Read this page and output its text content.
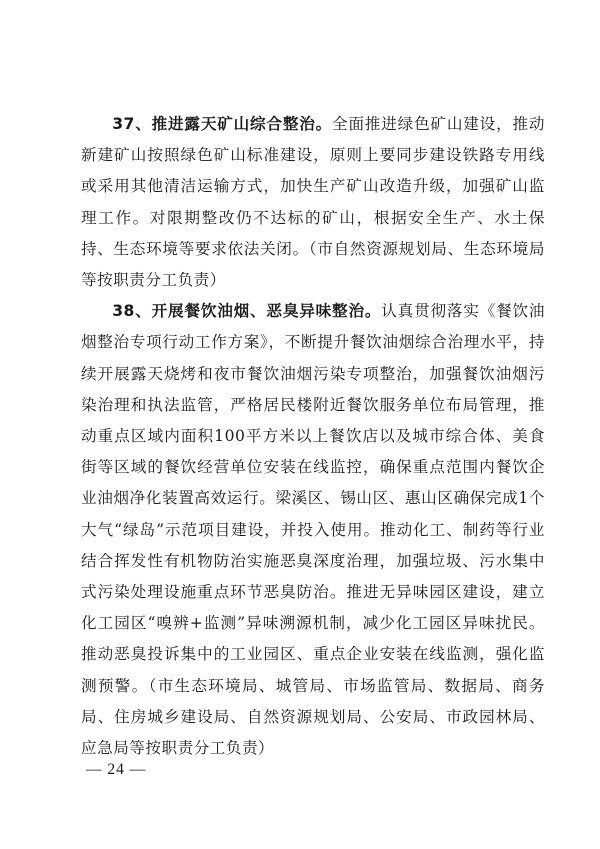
37、推进露天矿山综合整治。全面推进绿色矿山建设，推动新建矿山按照绿色矿山标准建设，原则上要同步建设铁路专用线或采用其他清洁运输方式，加快生产矿山改造升级，加强矿山监理工作。对限期整改仍不达标的矿山，根据安全生产、水土保持、生态环境等要求依法关闭。（市自然资源规划局、生态环境局等按职责分工负责）

38、开展餐饮油烟、恶臭异味整治。认真贯彻落实《餐饮油烟整治专项行动工作方案》，不断提升餐饮油烟综合治理水平，持续开展露天烧烤和夜市餐饮油烟污染专项整治，加强餐饮油烟污染治理和执法监管，严格居民楼附近餐饮服务单位布局管理，推动重点区域内面积100平方米以上餐饮店以及城市综合体、美食街等区域的餐饮经营单位安装在线监控，确保重点范围内餐饮企业油烟净化装置高效运行。梁溪区、锡山区、惠山区确保完成1个大气“绿岛”示范项目建设，并投入使用。推动化工、制药等行业结合挥发性有机物防治实施恶臭深度治理，加强垃圾、污水集中式污染处理设施重点环节恶臭防治。推进无异味园区建设，建立化工园区“嗅辨+监测”异味溯源机制，减少化工园区异味扰民。推动恶臭投诉集中的工业园区、重点企业安装在线监测，强化监测预警。（市生态环境局、城管局、市场监管局、数据局、商务局、住房城乡建设局、自然资源规划局、公安局、市政园林局、应急局等按职责分工负责）

— 24 —
